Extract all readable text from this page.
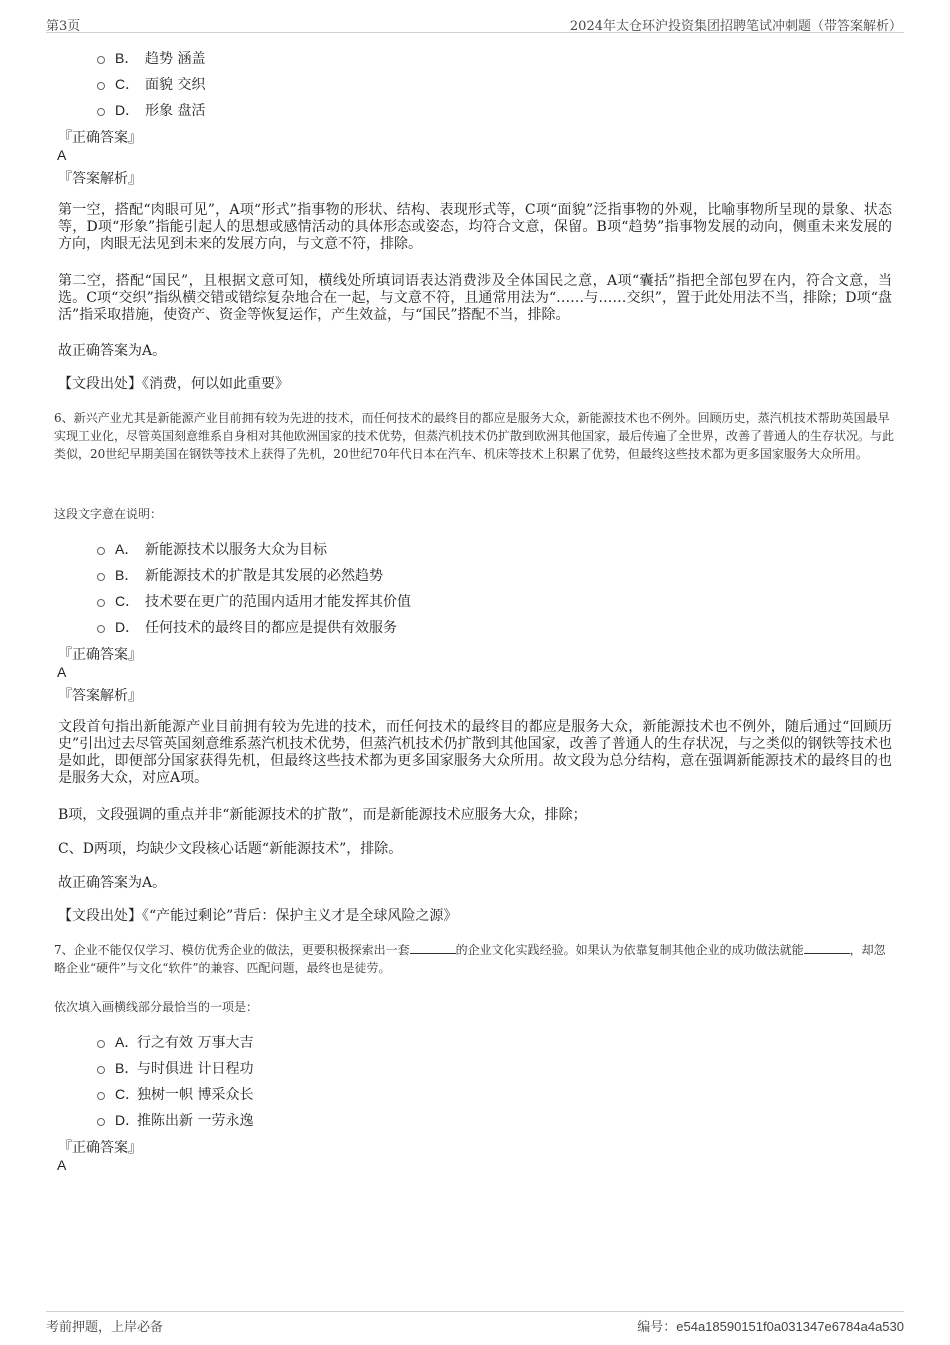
第3页	2024年太仓环沪投资集团招聘笔试冲刺题（带答案解析）
B． 趋势 涵盖
C． 面貌 交织
D． 形象 盘活
『正确答案』
A
『答案解析』
第一空，搭配“肉眼可见”，A项“形式”指事物的形状、结构、表现形式等，C项“面貌”泛指事物的外观，比喻事物所呈现的景象、状态等，D项“形象”指能引起人的思想或感情活动的具体形态或姿态，均符合文意，保留。B项“趋势”指事物发展的动向，侧重未来发展的方向，肉眼无法见到未来的发展方向，与文意不符，排除。
第二空，搭配“国民”，且根据文意可知，横线处所填词语表达消费涉及全体国民之意，A项“囊括”指把全部包罗在内，符合文意，当选。C项“交织”指纵横交错或错综复杂地合在一起，与文意不符，且通常用法为“……与……交织”，置于此处用法不当，排除；D项“盘活”指采取措施，使资产、资金等恢复运作，产生效益，与“国民”搭配不当，排除。
故正确答案为A。
【文段出处】《消费，何以如此重要》
6、新兴产业尤其是新能源产业目前拥有较为先进的技术，而任何技术的最终目的都应是服务大众，新能源技术也不例外。回顾历史，蒸汽机技术帮助英国最早实现工业化，尽管英国刻意维系自身相对其他欧洲国家的技术优势，但蒸汽机技术仍扩散到欧洲其他国家，最后传遍了全世界，改善了普通人的生存状况。与此类似，20世纪早期美国在钢铁等技术上获得了先机，20世纪70年代日本在汽车、机床等技术上积累了优势，但最终这些技术都为更多国家服务大众所用。
这段文字意在说明：
A． 新能源技术以服务大众为目标
B． 新能源技术的扩散是其发展的必然趋势
C． 技术要在更广的范围内适用才能发挥其价值
D． 任何技术的最终目的都应是提供有效服务
『正确答案』
A
『答案解析』
文段首句指出新能源产业目前拥有较为先进的技术，而任何技术的最终目的都应是服务大众，新能源技术也不例外，随后通过“回顾历史”引出过去尽管英国刻意维系蒸汽机技术优势，但蒸汽机技术仍扩散到其他国家，改善了普通人的生存状况，与之类似的钢铁等技术也是如此，即便部分国家获得先机，但最终这些技术都为更多国家服务大众所用。故文段为总分结构，意在强调新能源技术的最终目的也是服务大众，对应A项。
B项，文段强调的重点并非“新能源技术的扩散”，而是新能源技术应服务大众，排除；
C、D两项，均缺少文段核心话题“新能源技术”，排除。
故正确答案为A。
【文段出处】《“产能过剩论”背后：保护主义才是全球风险之源》
7、企业不能仅仅学习、模仿优秀企业的做法，更要积极探索出一套	的企业文化实践经验。如果认为依靠复制其他企业的成功做法就能	，却忽略企业“硬件”与文化“软件”的兼容、匹配问题，最终也是徒劳。
依次填入画横线部分最恰当的一项是：
A．
行之有效 万事大吉
B．
与时俱进 计日程功
C．
独树一帜 博采众长
D．
推陈出新 一劳永逸
『正确答案』
A
考前押题，上岸必备	编号：e54a18590151f0a031347e6784a4a530
